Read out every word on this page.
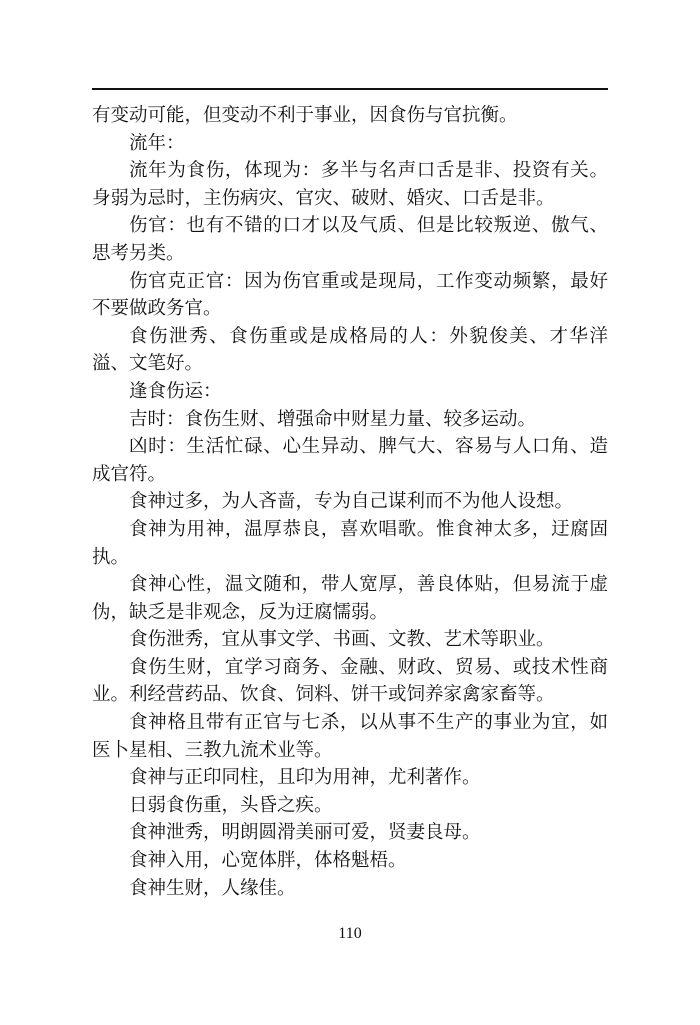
有变动可能，但变动不利于事业，因食伤与官抗衡。

流年：

流年为食伤，体现为：多半与名声口舌是非、投资有关。身弱为忌时，主伤病灾、官灾、破财、婚灾、口舌是非。

伤官：也有不错的口才以及气质、但是比较叛逆、傲气、思考另类。

伤官克正官：因为伤官重或是现局，工作变动频繁，最好不要做政务官。

食伤泄秀、食伤重或是成格局的人：外貌俊美、才华洋溢、文笔好。

逢食伤运：

吉时：食伤生财、增强命中财星力量、较多运动。

凶时：生活忙碌、心生异动、脾气大、容易与人口角、造成官符。

食神过多，为人吝啬，专为自己谋利而不为他人设想。

食神为用神，温厚恭良，喜欢唱歌。惟食神太多，迂腐固执。

食神心性，温文随和，带人宽厚，善良体贴，但易流于虚伪，缺乏是非观念，反为迂腐懦弱。

食伤泄秀，宜从事文学、书画、文教、艺术等职业。

食伤生财，宜学习商务、金融、财政、贸易、或技术性商业。利经营药品、饮食、饲料、饼干或饲养家禽家畜等。

食神格且带有正官与七杀，以从事不生产的事业为宜，如医卜星相、三教九流术业等。

食神与正印同柱，且印为用神，尤利著作。

日弱食伤重，头昏之疾。

食神泄秀，明朗圆滑美丽可爱，贤妻良母。

食神入用，心宽体胖，体格魁梧。

食神生财，人缘佳。

110
